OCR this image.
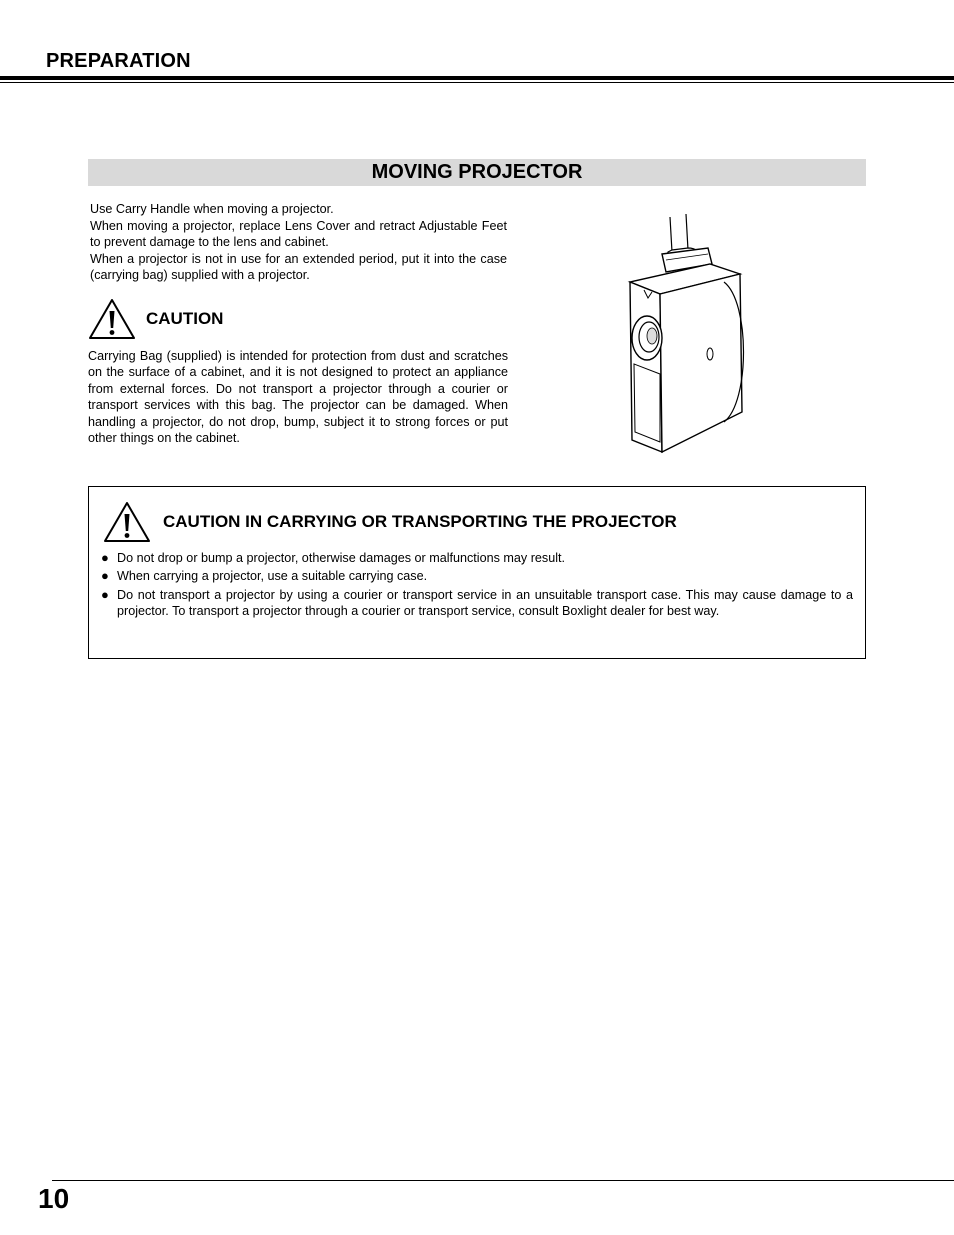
PREPARATION
MOVING PROJECTOR

Use Carry Handle when moving a projector.

When moving a projector, replace Lens Cover and retract Adjustable Feet to prevent damage to the lens and cabinet.

When a projector is not in use for an extended period, put it into the case (carrying bag) supplied with a projector.

CAUTION

Carrying Bag (supplied) is intended for protection from dust and scratches on the surface of a cabinet, and it is not designed to protect an appliance from external forces. Do not transport a projector through a courier or transport services with this bag. The projector can be damaged. When handling a projector, do not drop, bump, subject it to strong forces or put other things on the cabinet.

CAUTION IN CARRYING OR TRANSPORTING THE PROJECTOR
● Do not drop or bump a projector, otherwise damages or malfunctions may result.
● When carrying a projector, use a suitable carrying case.
● Do not transport a projector by using a courier or transport service in an unsuitable transport case. This may cause damage to a projector. To transport a projector through a courier or transport service, consult Boxlight dealer for best way.
10
